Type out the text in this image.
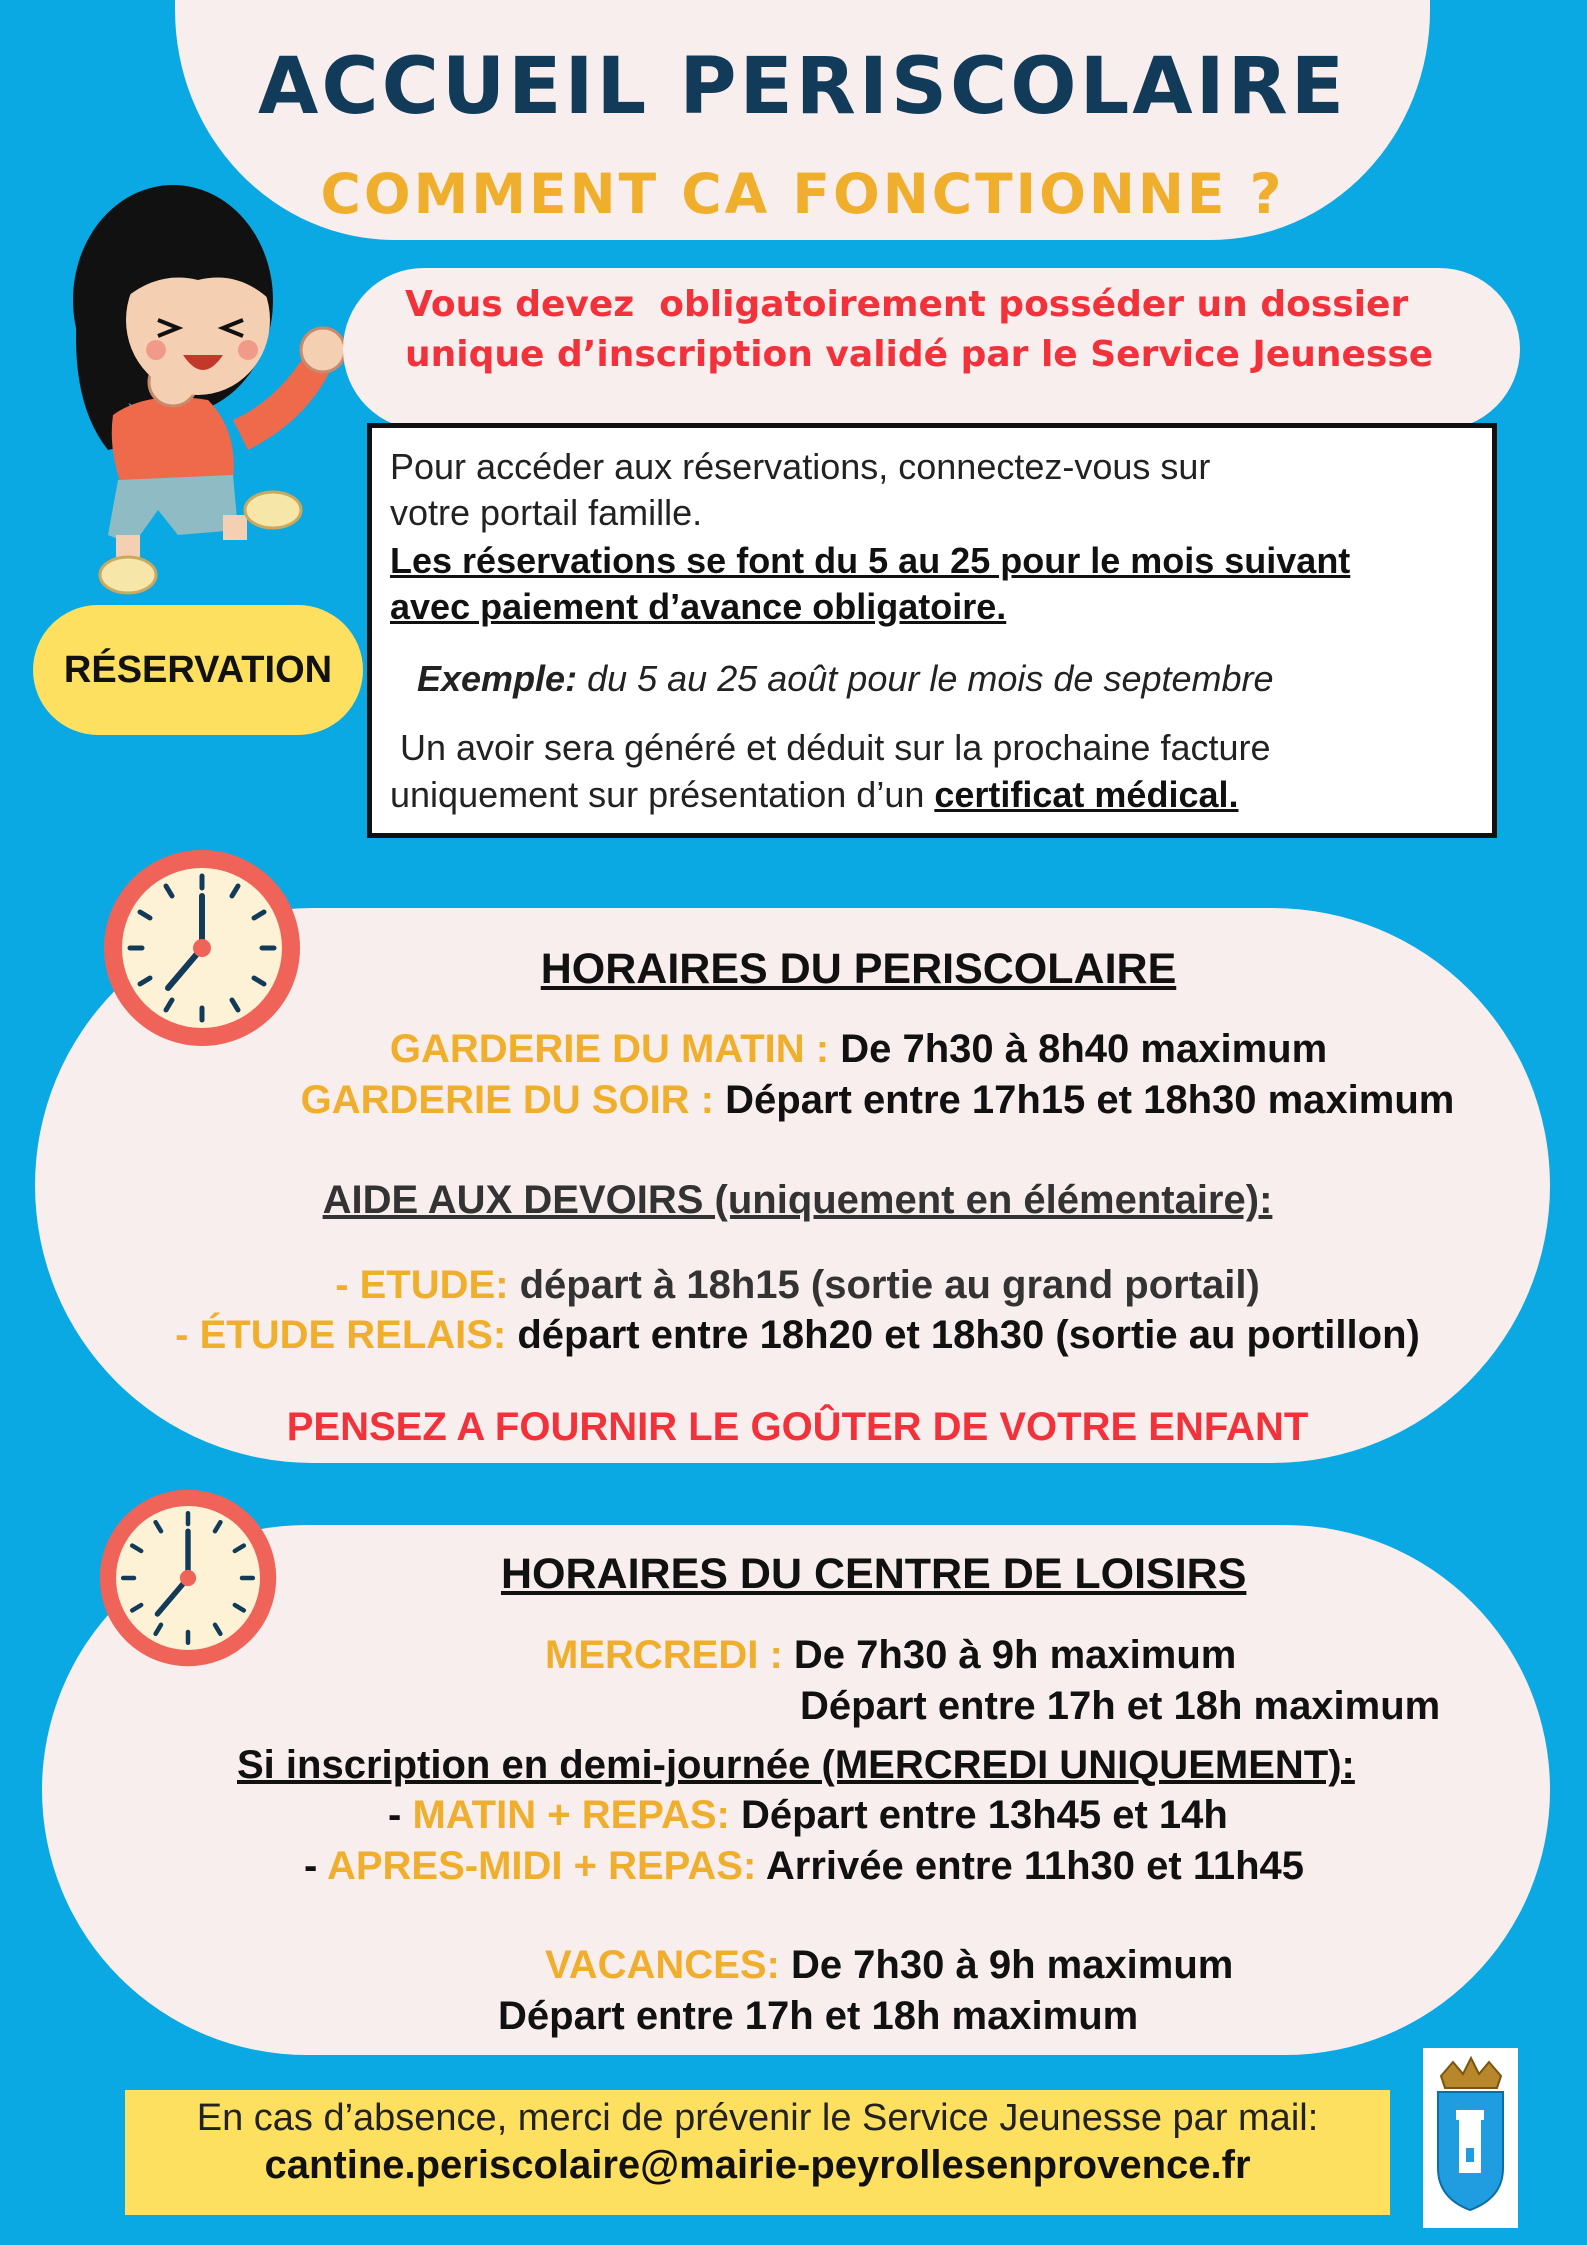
ACCUEIL PERISCOLAIRE
COMMENT CA FONCTIONNE ?
Vous devez  obligatoirement posséder un dossier
unique d’inscription validé par le Service Jeunesse
Pour accéder aux réservations, connectez-vous sur
votre portail famille.
Les réservations se font du 5 au 25 pour le mois suivant
avec paiement d’avance obligatoire.
Exemple: du 5 au 25 août pour le mois de septembre
Un avoir sera généré et déduit sur la prochaine facture
uniquement sur présentation d’un certificat médical.
RÉSERVATION
HORAIRES DU PERISCOLAIRE
GARDERIE DU MATIN : De 7h30 à 8h40 maximum
GARDERIE DU SOIR : Départ entre 17h15 et 18h30 maximum
AIDE AUX DEVOIRS (uniquement en élémentaire):
- ETUDE: départ à 18h15 (sortie au grand portail)
- ÉTUDE RELAIS: départ entre 18h20 et 18h30 (sortie au portillon)
PENSEZ A FOURNIR LE GOÛTER DE VOTRE ENFANT
HORAIRES DU CENTRE DE LOISIRS
MERCREDI : De 7h30 à 9h maximum
Départ entre 17h et 18h maximum
Si inscription en demi-journée (MERCREDI UNIQUEMENT):
- MATIN + REPAS: Départ entre 13h45 et 14h
- APRES-MIDI + REPAS: Arrivée entre 11h30 et 11h45
VACANCES: De 7h30 à 9h maximum
Départ entre 17h et 18h maximum
En cas d’absence, merci de prévenir le Service Jeunesse par mail:
cantine.periscolaire@mairie-peyrollesenprovence.fr
